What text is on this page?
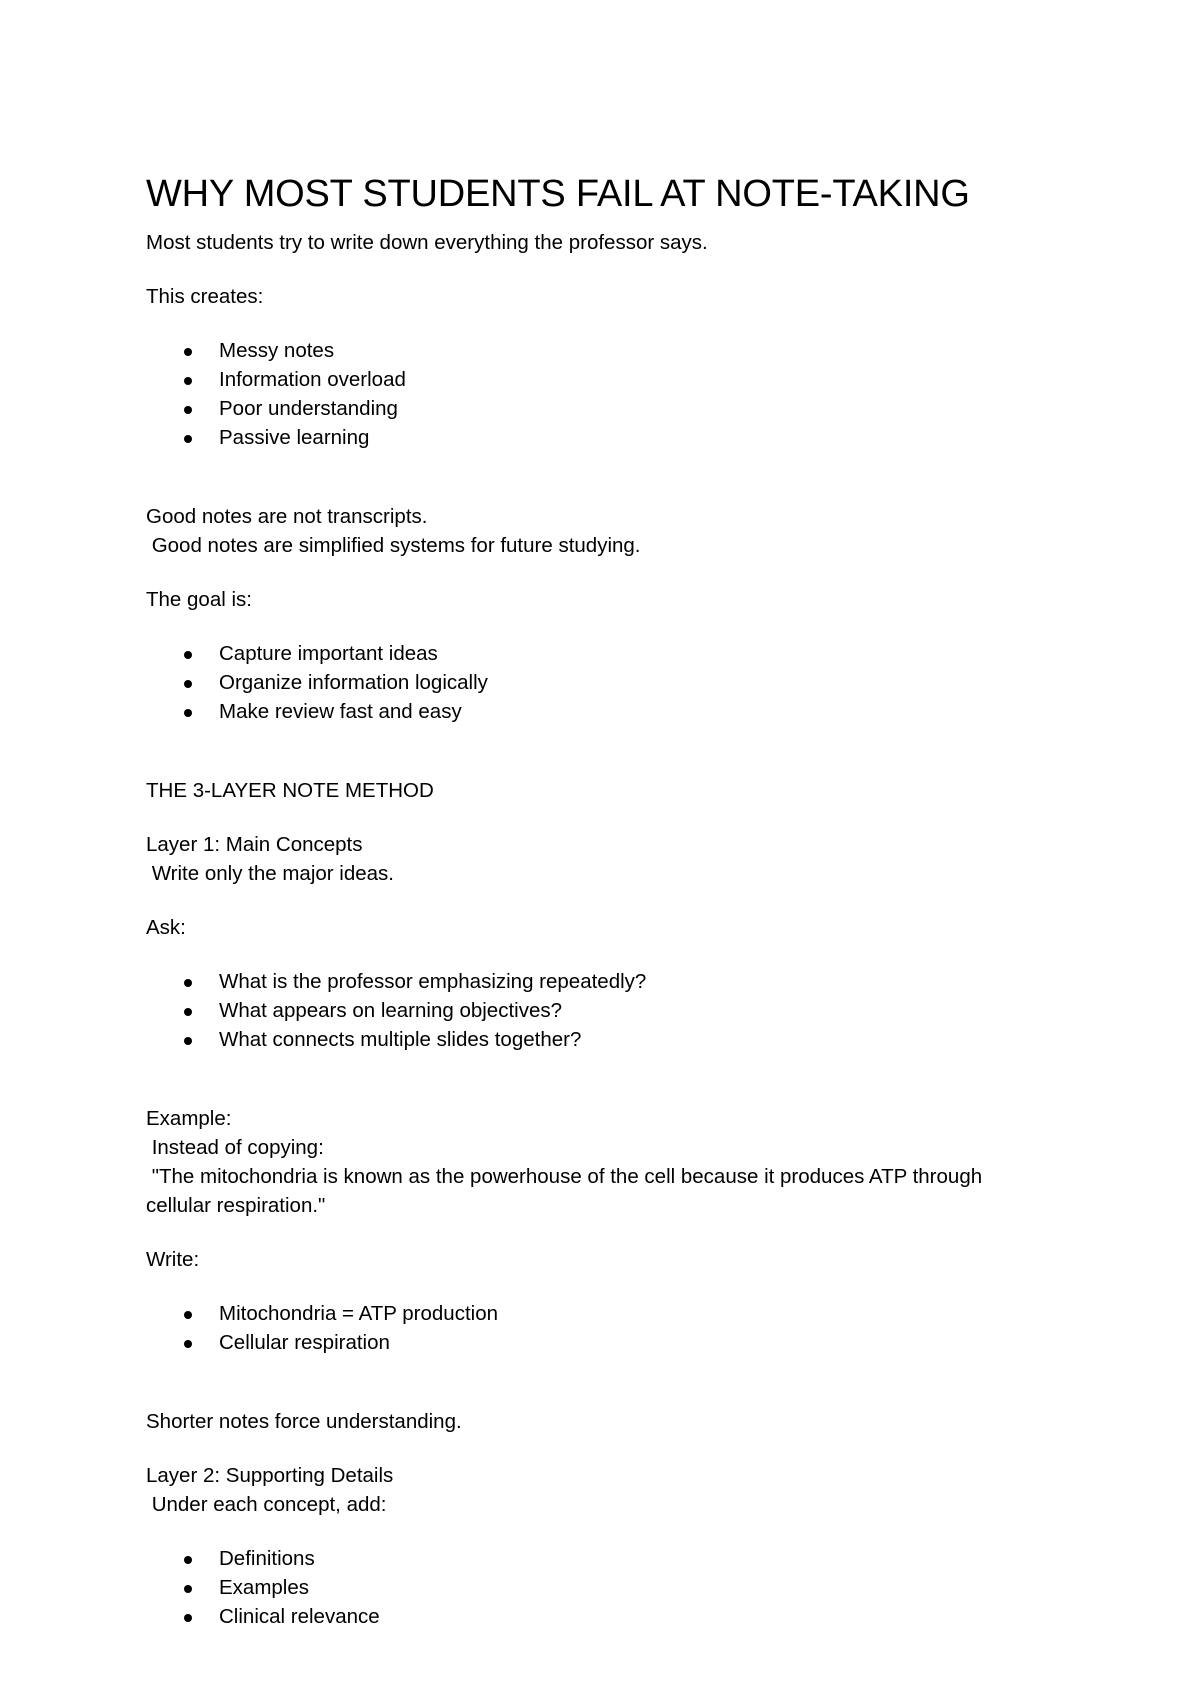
WHY MOST STUDENTS FAIL AT NOTE-TAKING

Most students try to write down everything the professor says.

This creates:

Messy notes
Information overload
Poor understanding
Passive learning

Good notes are not transcripts.

Good notes are simplified systems for future studying.

The goal is:

Capture important ideas
Organize information logically
Make review fast and easy

THE 3-LAYER NOTE METHOD

Layer 1: Main Concepts

Write only the major ideas.

Ask:

What is the professor emphasizing repeatedly?
What appears on learning objectives?
What connects multiple slides together?

Example:

Instead of copying:

"The mitochondria is known as the powerhouse of the cell because it produces ATP through

cellular respiration."

Write:

Mitochondria = ATP production
Cellular respiration

Shorter notes force understanding.

Layer 2: Supporting Details

Under each concept, add:

Definitions
Examples
Clinical relevance
